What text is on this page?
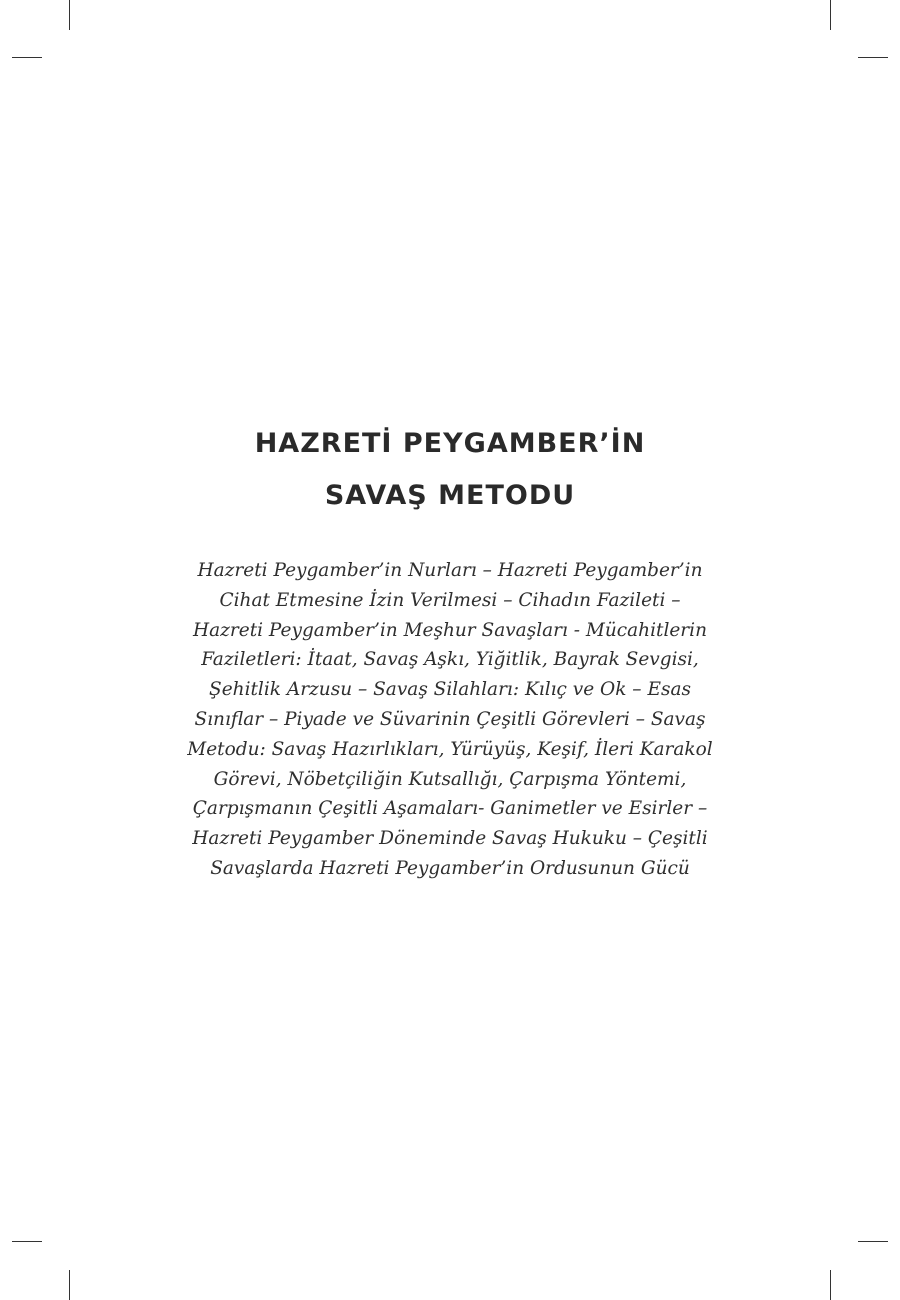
HAZRETİ PEYGAMBER’İN
SAVAŞ METODU
Hazreti Peygamber’in Nurları – Hazreti Peygamber’in
Cihat Etmesine İzin Verilmesi – Cihadın Fazileti –
Hazreti Peygamber’in Meşhur Savaşları - Mücahitlerin
Faziletleri: İtaat, Savaş Aşkı, Yiğitlik, Bayrak Sevgisi,
Şehitlik Arzusu – Savaş Silahları: Kılıç ve Ok – Esas
Sınıflar – Piyade ve Süvarinin Çeşitli Görevleri – Savaş
Metodu: Savaş Hazırlıkları, Yürüyüş, Keşif, İleri Karakol
Görevi, Nöbetçiliğin Kutsallığı, Çarpışma Yöntemi,
Çarpışmanın Çeşitli Aşamaları- Ganimetler ve Esirler –
Hazreti Peygamber Döneminde Savaş Hukuku – Çeşitli
Savaşlarda Hazreti Peygamber’in Ordusunun Gücü
